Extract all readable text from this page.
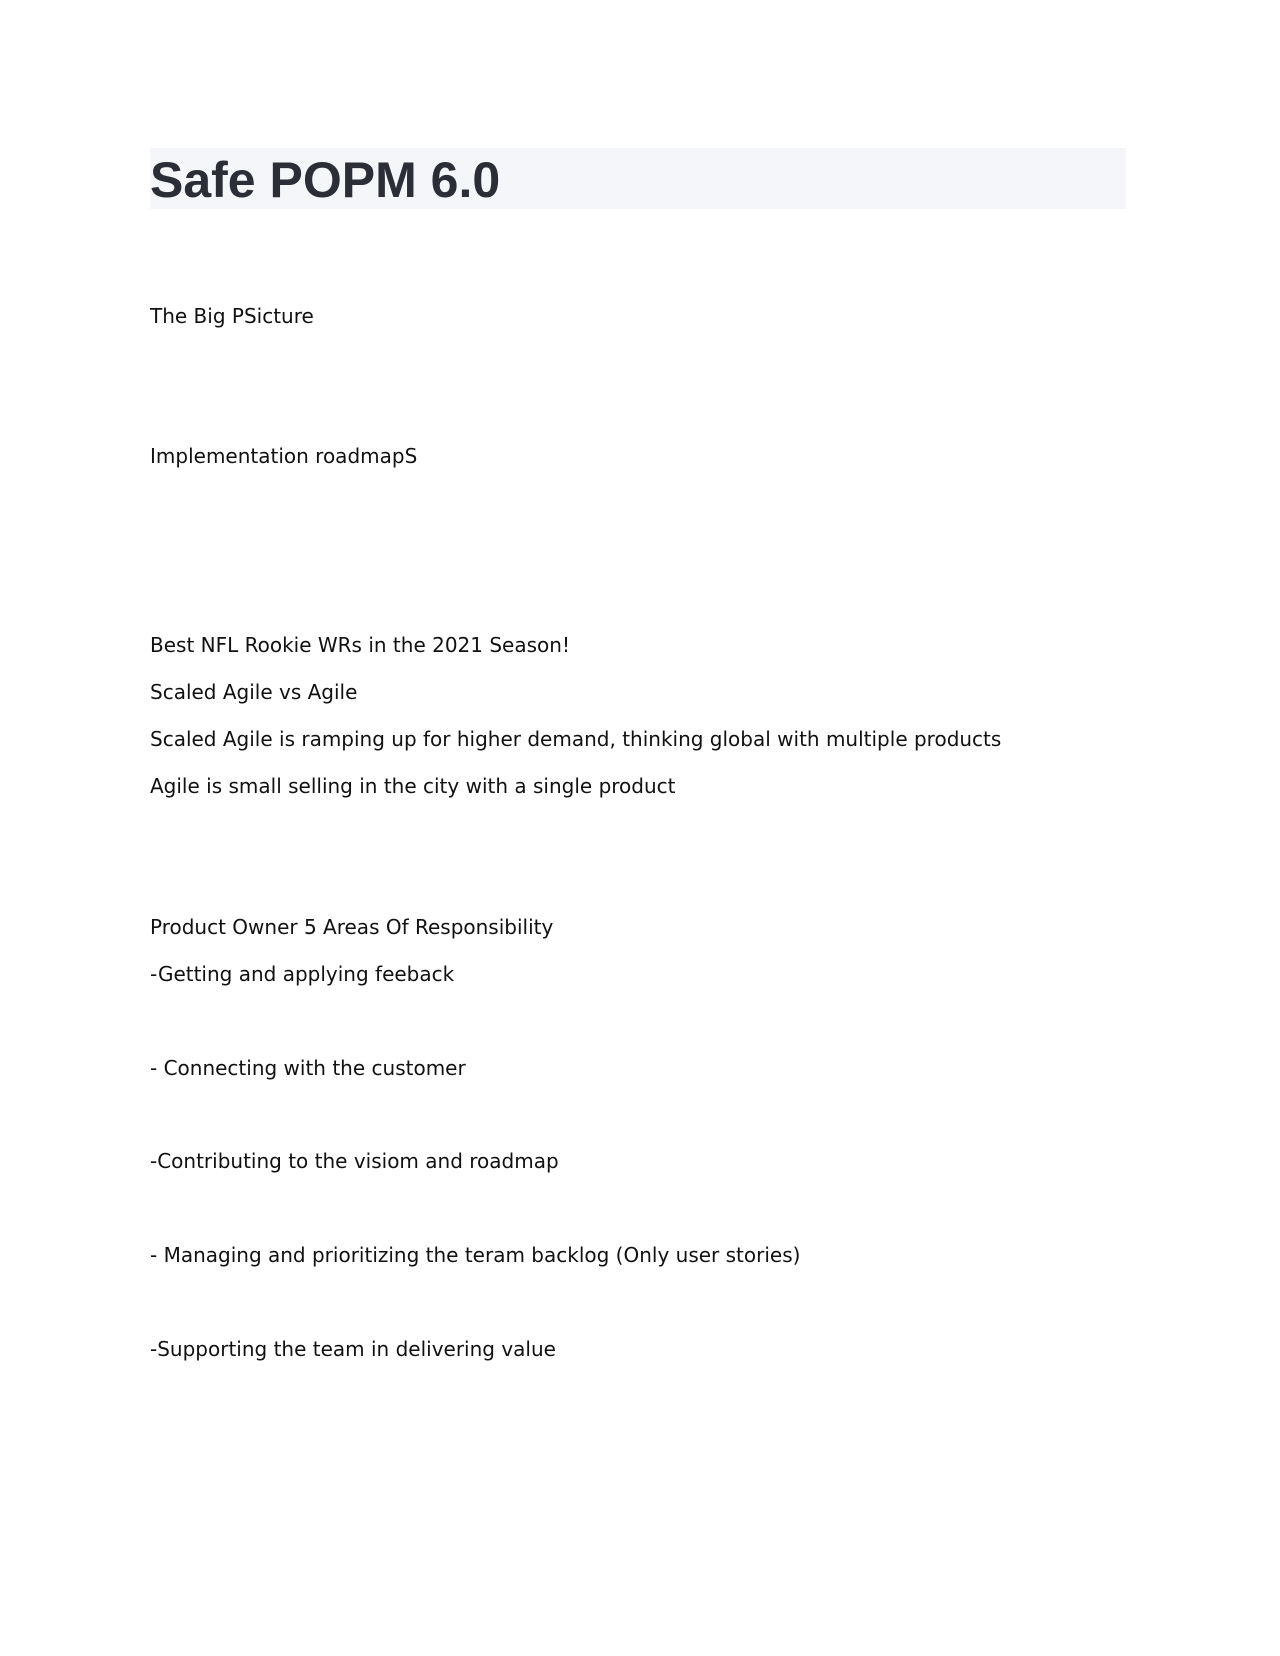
Safe POPM 6.0

The Big PSicture

Implementation roadmapS

Best NFL Rookie WRs in the 2021 Season!

Scaled Agile vs Agile

Scaled Agile is ramping up for higher demand, thinking global with multiple products

Agile is small selling in the city with a single product

Product Owner 5 Areas Of Responsibility

-Getting and applying feeback

- Connecting with the customer

-Contributing to the visiom and roadmap

- Managing and prioritizing the teram backlog (Only user stories)

-Supporting the team in delivering value
